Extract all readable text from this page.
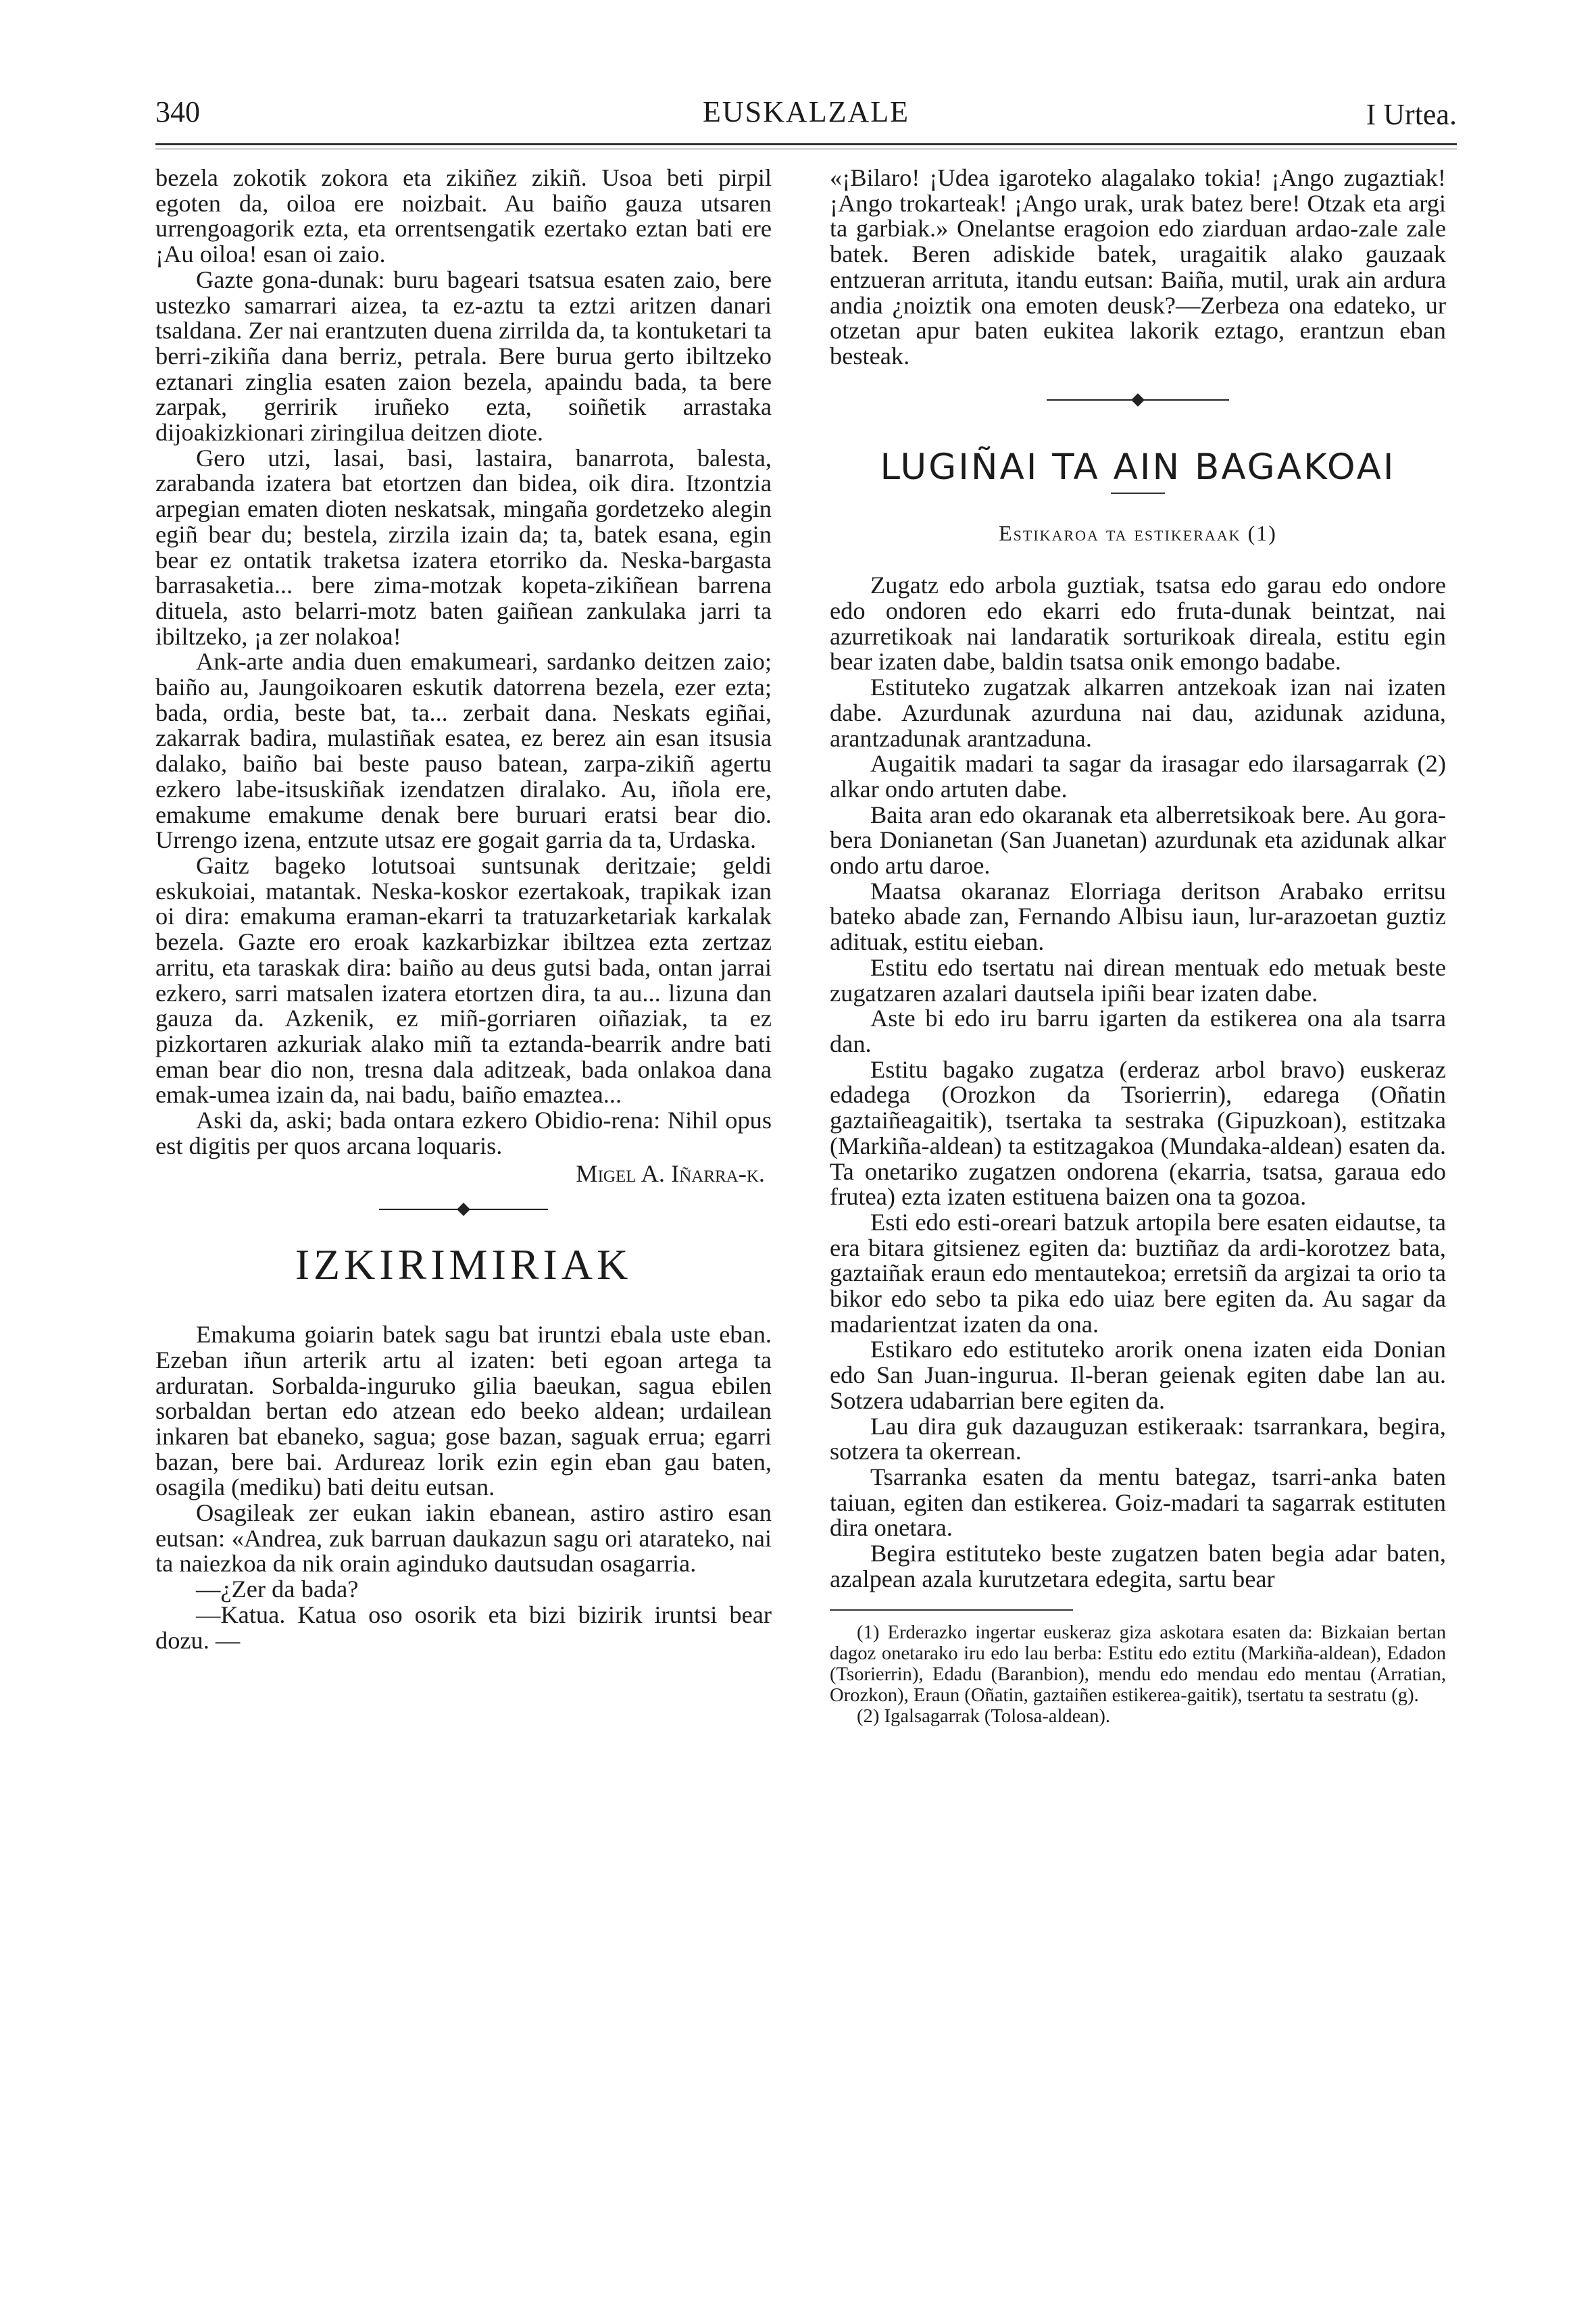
340	EUSKALZALE	I Urtea.

bezela zokotik zokora eta zikiñez zikiñ. Usoa beti pirpil egoten da, oiloa ere noizbait. Au baiño gauza utsaren urrengoagorik ezta, eta orrentsengatik ezertako eztan bati ere ¡Au oiloa! esan oi zaio.

Gazte gona-dunak: buru bageari tsatsua esaten zaio, bere ustezko samarrari aizea, ta ez-aztu ta eztzi aritzen danari tsaldana. Zer nai erantzuten duena zirrilda da, ta kontuketari ta berri-zikiña dana berriz, petrala. Bere burua gerto ibiltzeko eztanari zinglia esaten zaion bezela, apaindu bada, ta bere zarpak, gerririk iruñeko ezta, soiñetik arrastaka dijoakizkionari ziringilua deitzen diote.

Gero utzi, lasai, basi, lastaira, banarrota, balesta, zarabanda izatera bat etortzen dan bidea, oik dira. Itzontzia arpegian ematen dioten neskatsak, mingaña gordetzeko alegin egiñ bear du; bestela, zirzila izain da; ta, batek esana, egin bear ez ontatik traketsa izatera etorriko da. Neska-bargasta barrasaketia... bere zima-motzak kopeta-zikiñean barrena dituela, asto belarri-motz baten gaiñean zankulaka jarri ta ibiltzeko, ¡a zer nolakoa!

Ank-arte andia duen emakumeari, sardanko deitzen zaio; baiño au, Jaungoikoaren eskutik datorrena bezela, ezer ezta; bada, ordia, beste bat, ta... zerbait dana. Neskats egiñai, zakarrak badira, mulastiñak esatea, ez berez ain esan itsusia dalako, baiño bai beste pauso batean, zarpa-zikiñ agertu ezkero labe-itsuskiñak izendatzen diralako. Au, iñola ere, emakume emakume denak bere buruari eratsi bear dio. Urrengo izena, entzute utsaz ere gogait garria da ta, Urdaska.

Gaitz bageko lotutsoai suntsunak deritzaie; geldi eskukoiai, matantak. Neska-koskor ezertakoak, trapikak izan oi dira: emakuma eraman-ekarri ta tratuzarketariak karkalak bezela. Gazte ero eroak kazkarbizkar ibiltzea ezta zertzaz arritu, eta taraskak dira: baiño au deus gutsi bada, ontan jarrai ezkero, sarri matsalen izatera etortzen dira, ta au... lizuna dan gauza da. Azkenik, ez miñ-gorriaren oiñaziak, ta ez pizkortaren azkuriak alako miñ ta eztanda-bearrik andre bati eman bear dio non, tresna dala aditzeak, bada onlakoa dana emak-umea izain da, nai badu, baiño emaztea...

Aski da, aski; bada ontara ezkero Obidio-rena: Nihil opus est digitis per quos arcana loquaris.

Migel A. Iñarra-k.

IZKIRIMIRIAK

Emakuma goiarin batek sagu bat iruntzi ebala uste eban. Ezeban iñun arterik artu al izaten: beti egoan artega ta arduratan. Sorbalda-inguruko gilia baeukan, sagua ebilen sorbaldan bertan edo atzean edo beeko aldean; urdailean inkaren bat ebaneko, sagua; gose bazan, saguak errua; egarri bazan, bere bai. Ardureaz lorik ezin egin eban gau baten, osagila (mediku) bati deitu eutsan.

Osagileak zer eukan iakin ebanean, astiro astiro esan eutsan: «Andrea, zuk barruan daukazun sagu ori atarateko, nai ta naiezkoa da nik orain aginduko dautsudan osagarria.

—¿Zer da bada?

—Katua. Katua oso osorik eta bizi bizirik iruntsi bear dozu. —

«¡Bilaro! ¡Udea igaroteko alagalako tokia! ¡Ango zugaztiak! ¡Ango trokarteak! ¡Ango urak, urak batez bere! Otzak eta argi ta garbiak.» Onelantse eragoion edo ziarduan ardao-zale zale batek. Beren adiskide batek, uragaitik alako gauzaak entzueran arrituta, itandu eutsan: Baiña, mutil, urak ain ardura andia ¿noiztik ona emoten deusk?—Zerbeza ona edateko, ur otzetan apur baten eukitea lakorik eztago, erantzun eban besteak.

LUGIÑAI TA AIN BAGAKOAI
Estikaroa ta estikeraak (1)

Zugatz edo arbola guztiak, tsatsa edo garau edo ondore edo ondoren edo ekarri edo fruta-dunak beintzat, nai azurretikoak nai landaratik sorturikoak direala, estitu egin bear izaten dabe, baldin tsatsa onik emongo badabe.

Estituteko zugatzak alkarren antzekoak izan nai izaten dabe. Azurdunak azurduna nai dau, azidunak aziduna, arantzadunak arantzaduna.

Augaitik madari ta sagar da irasagar edo ilarsagarrak (2) alkar ondo artuten dabe.

Baita aran edo okaranak eta alberretsikoak bere. Au gora-bera Donianetan (San Juanetan) azurdunak eta azidunak alkar ondo artu daroe.

Maatsa okaranaz Elorriaga deritson Arabako erritsu bateko abade zan, Fernando Albisu iaun, lur-arazoetan guztiz adituak, estitu eieban.

Estitu edo tsertatu nai direan mentuak edo metuak beste zugatzaren azalari dautsela ipiñi bear izaten dabe.

Aste bi edo iru barru igarten da estikerea ona ala tsarra dan.

Estitu bagako zugatza (erderaz arbol bravo) euskeraz edadega (Orozkon da Tsorierrin), edarega (Oñatin gaztaiñeagaitik), tsertaka ta sestraka (Gipuzkoan), estitzaka (Markiña-aldean) ta estitzagakoa (Mundaka-aldean) esaten da. Ta onetariko zugatzen ondorena (ekarria, tsatsa, garaua edo frutea) ezta izaten estituena baizen ona ta gozoa.

Esti edo esti-oreari batzuk artopila bere esaten eidautse, ta era bitara gitsienez egiten da: buztiñaz da ardi-korotzez bata, gaztaiñak eraun edo mentautekoa; erretsiñ da argizai ta orio ta bikor edo sebo ta pika edo uiaz bere egiten da. Au sagar da madarientzat izaten da ona.

Estikaro edo estituteko arorik onena izaten eida Donian edo San Juan-ingurua. Il-beran geienak egiten dabe lan au. Sotzera udabarrian bere egiten da.

Lau dira guk dazauguzan estikeraak: tsarrankara, begira, sotzera ta okerrean.

Tsarranka esaten da mentu bategaz, tsarri-anka baten taiuan, egiten dan estikerea. Goiz-madari ta sagarrak estituten dira onetara.

Begira estituteko beste zugatzen baten begia adar baten, azalpean azala kurutzetara edegita, sartu bear

(1) Erderazko ingertar euskeraz giza askotara esaten da: Bizkaian bertan dagoz onetarako iru edo lau berba: Estitu edo eztitu (Markiña-aldean), Edadon (Tsorierrin), Edadu (Baranbion), mendu edo mendau edo mentau (Arratian, Orozkon), Eraun (Oñatin, gaztaiñen estikerea-gaitik), tsertatu ta sestratu (g).

(2) Igalsagarrak (Tolosa-aldean).
